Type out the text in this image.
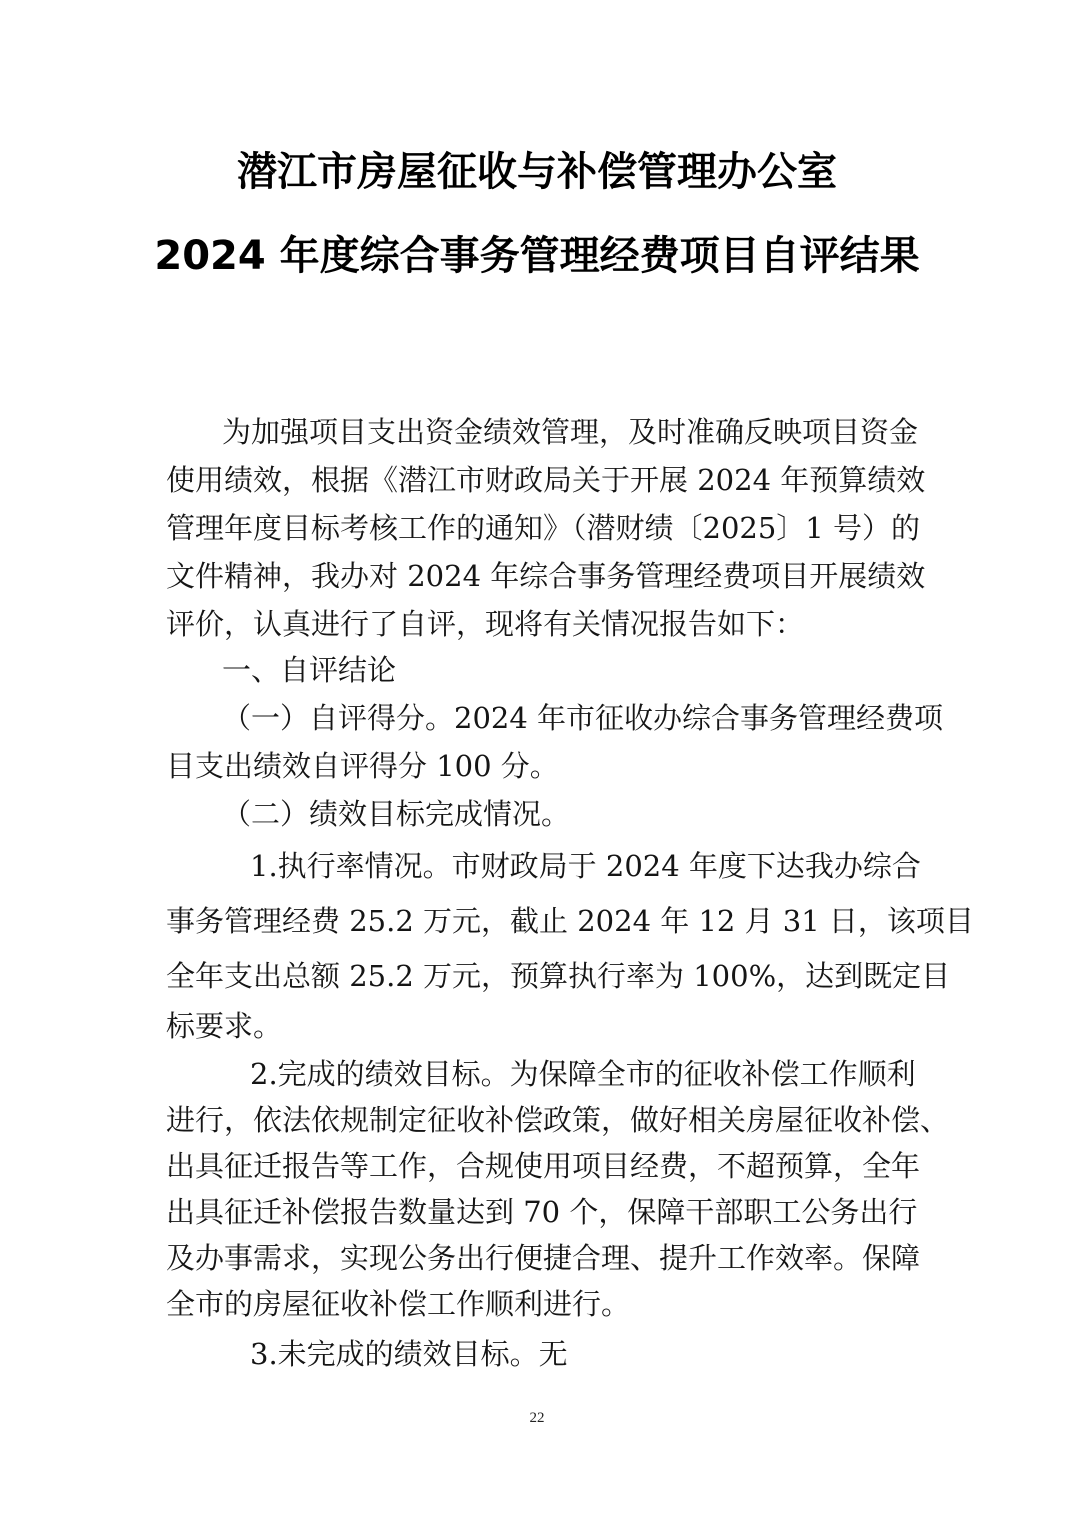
潜江市房屋征收与补偿管理办公室
2024 年度综合事务管理经费项目自评结果
为加强项目支出资金绩效管理，及时准确反映项目资金
使用绩效，根据《潜江市财政局关于开展 2024 年预算绩效
管理年度目标考核工作的通知》（潜财绩〔2025〕1 号）的
文件精神，我办对 2024 年综合事务管理经费项目开展绩效
评价，认真进行了自评，现将有关情况报告如下：
一、自评结论
（一）自评得分。2024 年市征收办综合事务管理经费项
目支出绩效自评得分 100 分。
（二）绩效目标完成情况。
1.执行率情况。市财政局于 2024 年度下达我办综合
事务管理经费 25.2 万元，截止 2024 年 12 月 31 日，该项目
全年支出总额 25.2 万元，预算执行率为 100%，达到既定目
标要求。
2.完成的绩效目标。为保障全市的征收补偿工作顺利
进行，依法依规制定征收补偿政策，做好相关房屋征收补偿、
出具征迁报告等工作，合规使用项目经费，不超预算，全年
出具征迁补偿报告数量达到 70 个，保障干部职工公务出行
及办事需求，实现公务出行便捷合理、提升工作效率。保障
全市的房屋征收补偿工作顺利进行。
3.未完成的绩效目标。无
22
